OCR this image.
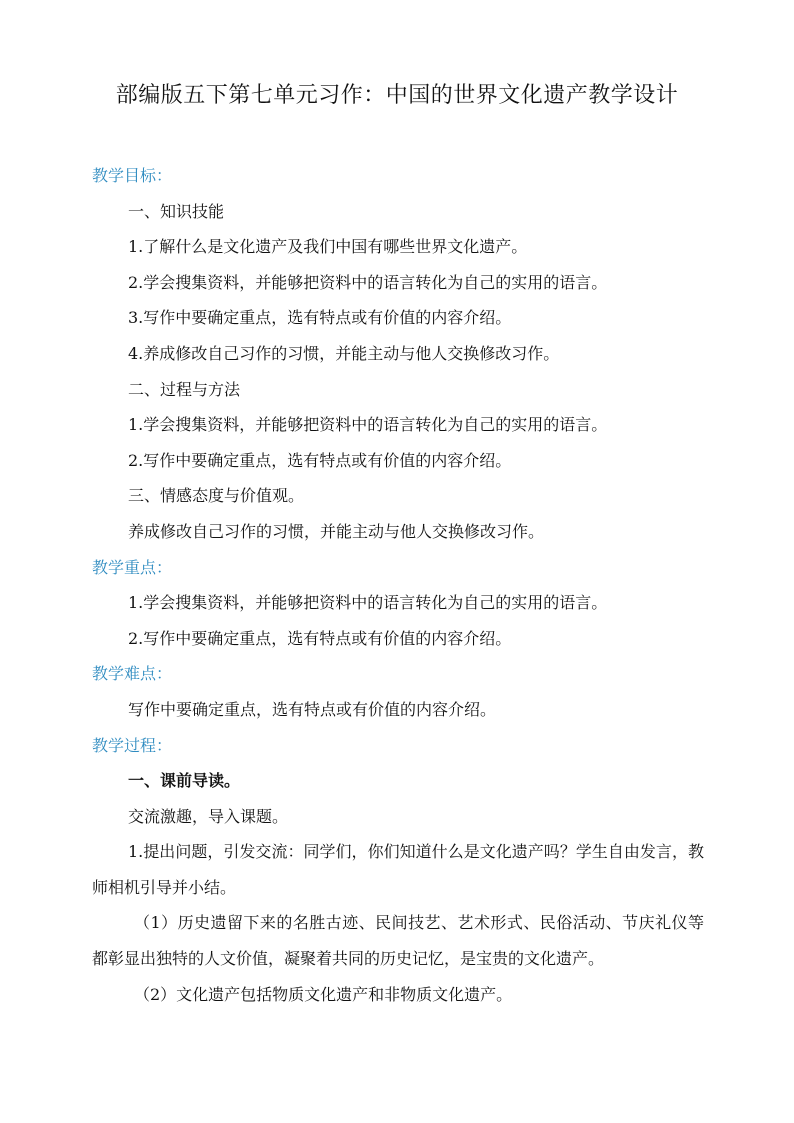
部编版五下第七单元习作：中国的世界文化遗产教学设计

教学目标：

一、知识技能

1.了解什么是文化遗产及我们中国有哪些世界文化遗产。

2.学会搜集资料，并能够把资料中的语言转化为自己的实用的语言。

3.写作中要确定重点，选有特点或有价值的内容介绍。

4.养成修改自己习作的习惯，并能主动与他人交换修改习作。

二、过程与方法

1.学会搜集资料，并能够把资料中的语言转化为自己的实用的语言。

2.写作中要确定重点，选有特点或有价值的内容介绍。

三、情感态度与价值观。

养成修改自己习作的习惯，并能主动与他人交换修改习作。

教学重点：

1.学会搜集资料，并能够把资料中的语言转化为自己的实用的语言。

2.写作中要确定重点，选有特点或有价值的内容介绍。

教学难点：

写作中要确定重点，选有特点或有价值的内容介绍。

教学过程：

一、课前导读。

交流激趣，导入课题。

1.提出问题，引发交流：同学们，你们知道什么是文化遗产吗？学生自由发言，教师相机引导并小结。

（1）历史遗留下来的名胜古迹、民间技艺、艺术形式、民俗活动、节庆礼仪等都彰显出独特的人文价值，凝聚着共同的历史记忆，是宝贵的文化遗产。

（2）文化遗产包括物质文化遗产和非物质文化遗产。
